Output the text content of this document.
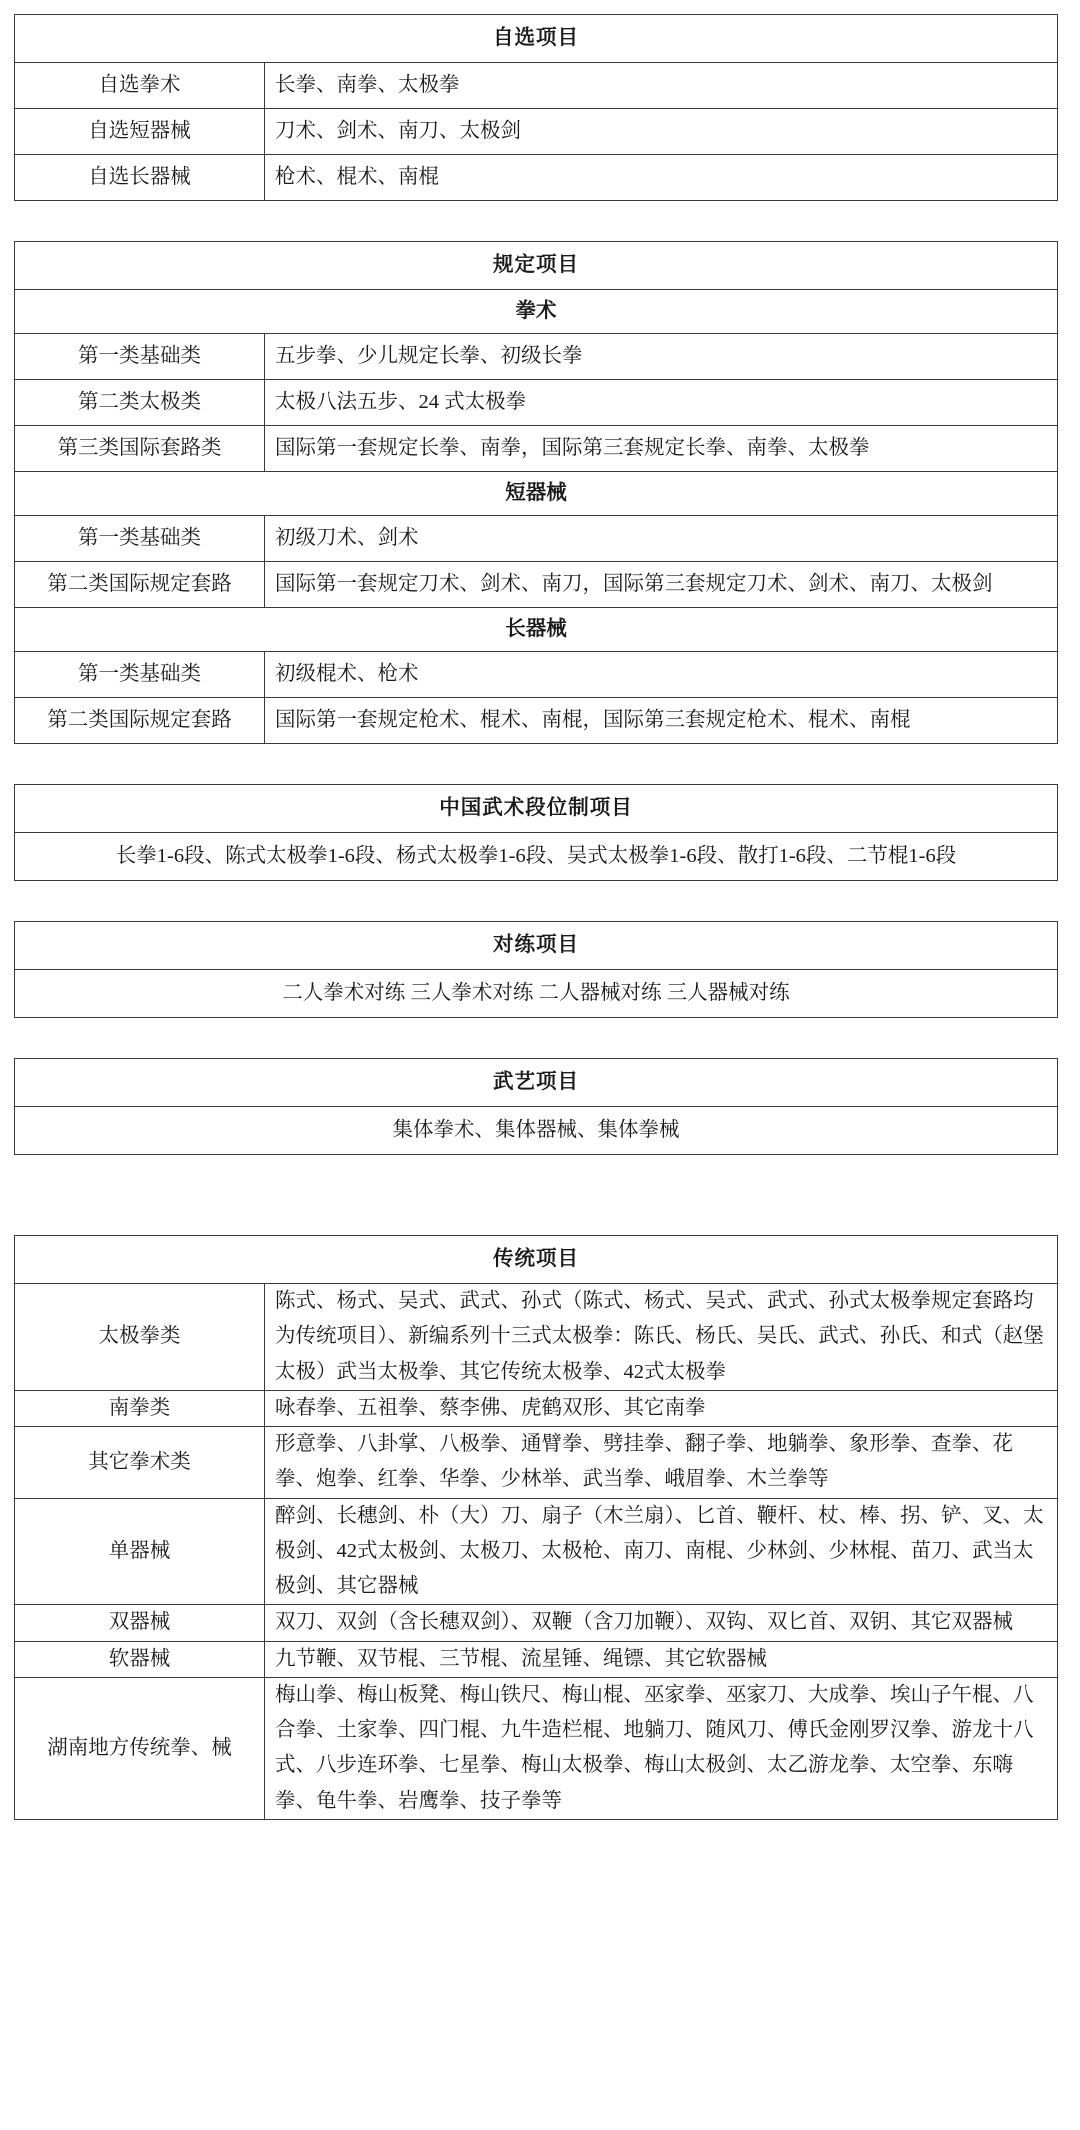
自选项目	
自选拳术	长拳、南拳、太极拳
自选短器械	刀术、剑术、南刀、太极剑
自选长器械	枪术、棍术、南棍
规定项目	
拳术	
第一类基础类	五步拳、少儿规定长拳、初级长拳
第二类太极类	太极八法五步、24 式太极拳
第三类国际套路类	国际第一套规定长拳、南拳，国际第三套规定长拳、南拳、太极拳
短器械	
第一类基础类	初级刀术、剑术
第二类国际规定套路	国际第一套规定刀术、剑术、南刀，国际第三套规定刀术、剑术、南刀、太极剑
长器械	
第一类基础类	初级棍术、枪术
第二类国际规定套路	国际第一套规定枪术、棍术、南棍，国际第三套规定枪术、棍术、南棍
中国武术段位制项目
长拳1-6段、陈式太极拳1-6段、杨式太极拳1-6段、吴式太极拳1-6段、散打1-6段、二节棍1-6段
对练项目
二人拳术对练 三人拳术对练 二人器械对练 三人器械对练
武艺项目
集体拳术、集体器械、集体拳械
传统项目	
太极拳类	陈式、杨式、吴式、武式、孙式（陈式、杨式、吴式、武式、孙式太极拳规定套路均为传统项目）、新编系列十三式太极拳：陈氏、杨氏、吴氏、武式、孙氏、和式（赵堡太极）武当太极拳、其它传统太极拳、42式太极拳
南拳类	咏春拳、五祖拳、蔡李佛、虎鹤双形、其它南拳
其它拳术类	形意拳、八卦掌、八极拳、通臂拳、劈挂拳、翻子拳、地躺拳、象形拳、查拳、花拳、炮拳、红拳、华拳、少林举、武当拳、峨眉拳、木兰拳等
单器械	醉剑、长穗剑、朴（大）刀、扇子（木兰扇）、匕首、鞭杆、杖、棒、拐、铲、叉、太极剑、42式太极剑、太极刀、太极枪、南刀、南棍、少林剑、少林棍、苗刀、武当太极剑、其它器械
双器械	双刀、双剑（含长穗双剑）、双鞭（含刀加鞭）、双钩、双匕首、双钥、其它双器械
软器械	九节鞭、双节棍、三节棍、流星锤、绳镖、其它软器械
湖南地方传统拳、械	梅山拳、梅山板凳、梅山铁尺、梅山棍、巫家拳、巫家刀、大成拳、埃山子午棍、八合拳、土家拳、四门棍、九牛造栏棍、地躺刀、随风刀、傅氏金刚罗汉拳、游龙十八式、八步连环拳、七星拳、梅山太极拳、梅山太极剑、太乙游龙拳、太空拳、东嗨拳、龟牛拳、岩鹰拳、技子拳等
